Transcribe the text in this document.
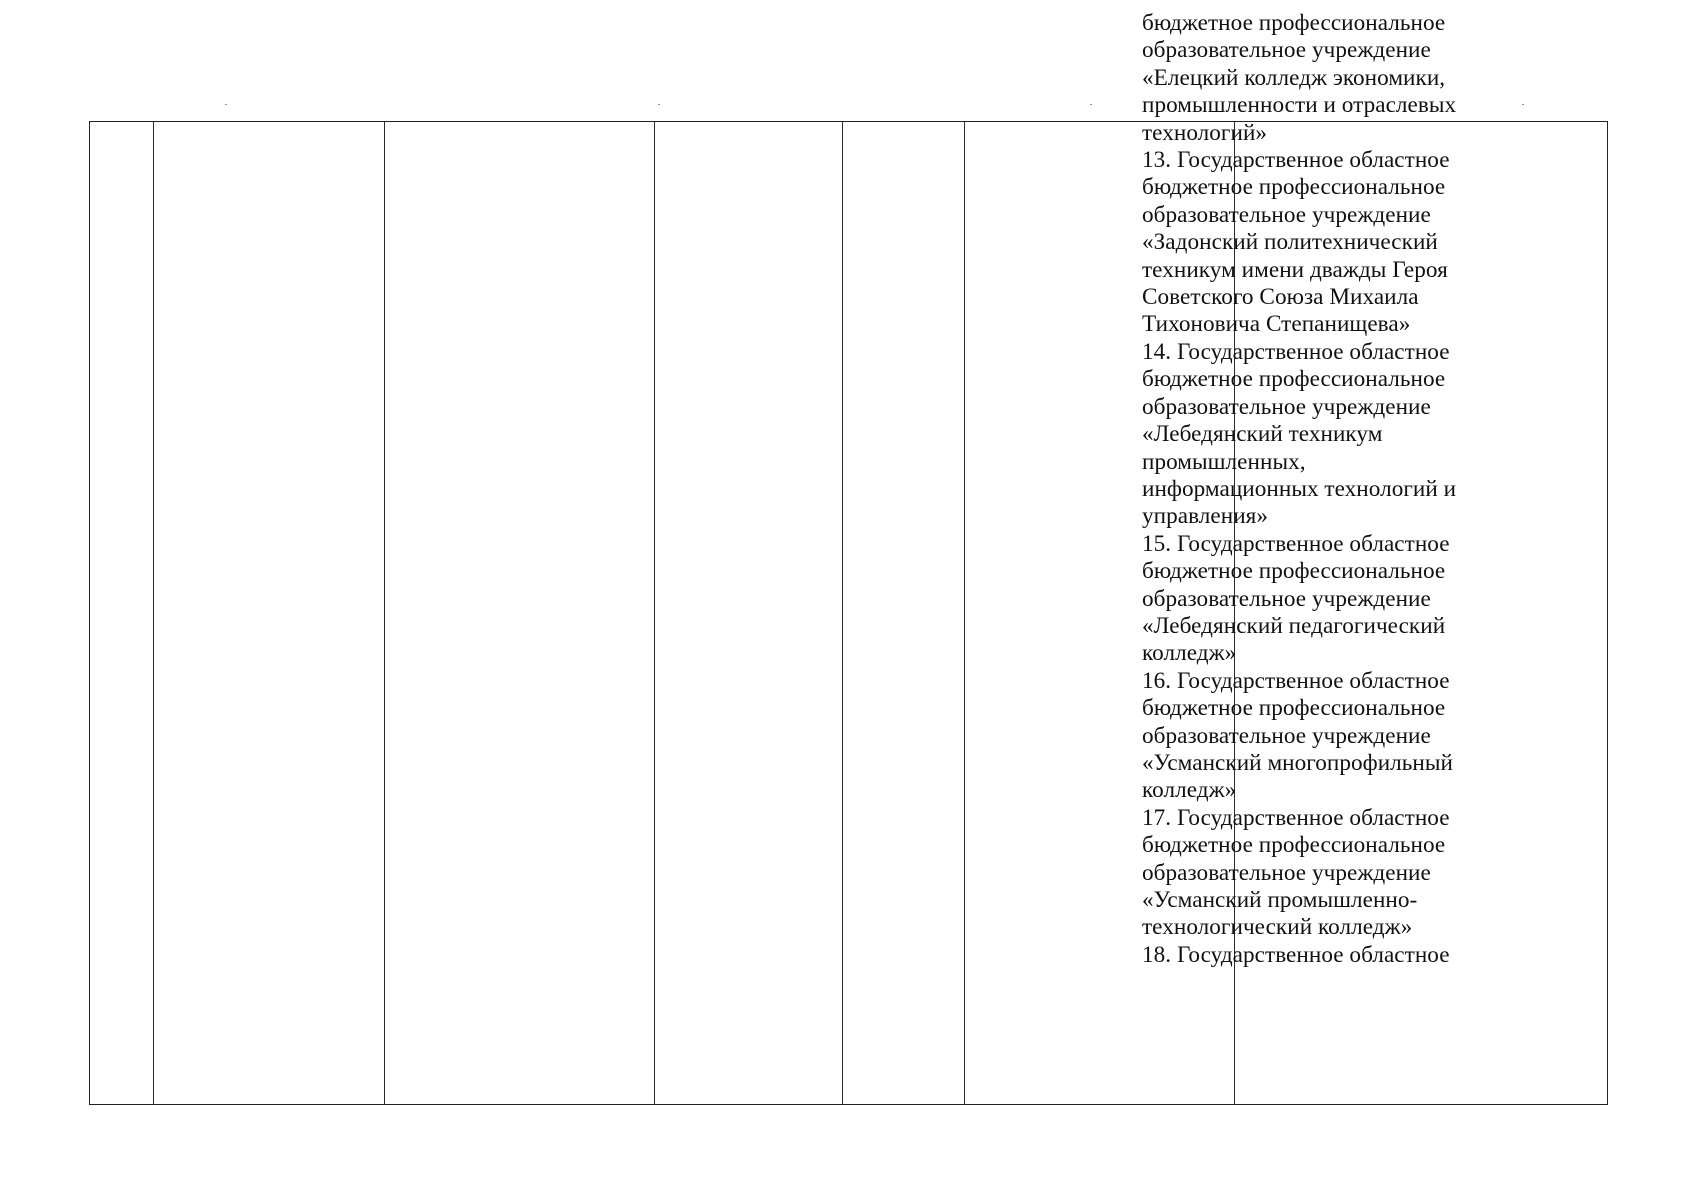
бюджетное профессиональное
образовательное учреждение
«Елецкий колледж экономики,
промышленности и отраслевых
технологий»
13. Государственное областное
бюджетное профессиональное
образовательное учреждение
«Задонский политехнический
техникум имени дважды Героя
Советского Союза Михаила
Тихоновича Степанищева»
14. Государственное областное
бюджетное профессиональное
образовательное учреждение
«Лебедянский техникум
промышленных,
информационных технологий и
управления»
15. Государственное областное
бюджетное профессиональное
образовательное учреждение
«Лебедянский педагогический
колледж»
16. Государственное областное
бюджетное профессиональное
образовательное учреждение
«Усманский многопрофильный
колледж»
17. Государственное областное
бюджетное профессиональное
образовательное учреждение
«Усманский промышленно-
технологический колледж»
18. Государственное областное
